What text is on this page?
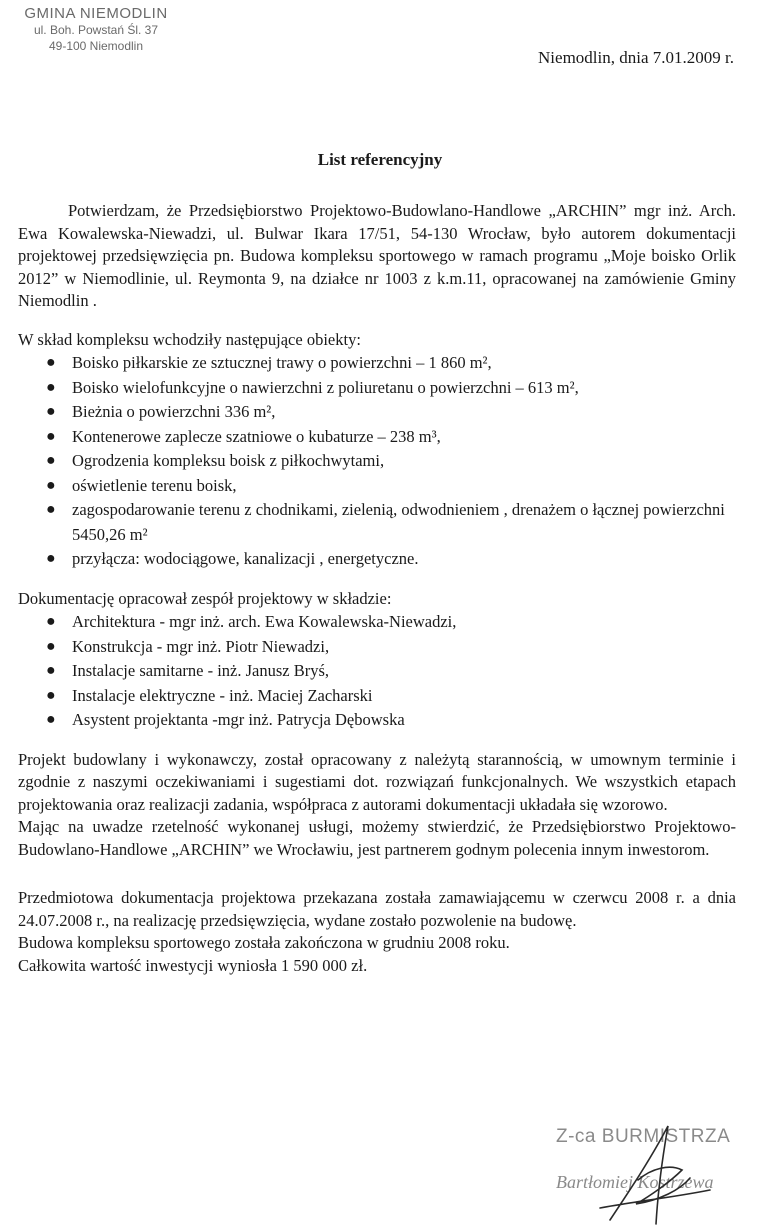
GMINA NIEMODLIN
ul. Boh. Powstań Śl. 37
49-100 Niemodlin
Niemodlin, dnia 7.01.2009 r.
List referencyjny

Potwierdzam, że Przedsiębiorstwo Projektowo-Budowlano-Handlowe „ARCHIN” mgr inż. Arch. Ewa Kowalewska-Niewadzi, ul. Bulwar Ikara 17/51, 54-130 Wrocław, było autorem dokumentacji projektowej przedsięwzięcia pn. Budowa kompleksu sportowego w ramach programu „Moje boisko Orlik 2012” w Niemodlinie, ul. Reymonta 9, na działce nr 1003 z k.m.11, opracowanej na zamówienie Gminy Niemodlin .

W skład kompleksu wchodziły następujące obiekty:

● Boisko piłkarskie ze sztucznej trawy o powierzchni – 1 860 m²,
● Boisko wielofunkcyjne o nawierzchni z poliuretanu o powierzchni – 613 m²,
● Bieżnia o powierzchni 336 m²,
● Kontenerowe zaplecze szatniowe o kubaturze – 238 m³,
● Ogrodzenia kompleksu boisk z piłkochwytami,
● oświetlenie terenu boisk,
● zagospodarowanie terenu z chodnikami, zielenią, odwodnieniem , drenażem o łącznej powierzchni 5450,26 m²
● przyłącza: wodociągowe, kanalizacji , energetyczne.

Dokumentację opracował zespół projektowy w składzie:

● Architektura - mgr inż. arch. Ewa Kowalewska-Niewadzi,
● Konstrukcja - mgr inż. Piotr Niewadzi,
● Instalacje samitarne - inż. Janusz Bryś,
● Instalacje elektryczne - inż. Maciej Zacharski
● Asystent projektanta -mgr inż. Patrycja Dębowska

Projekt budowlany i wykonawczy, został opracowany z należytą starannością, w umownym terminie i zgodnie z naszymi oczekiwaniami i sugestiami dot. rozwiązań funkcjonalnych. We wszystkich etapach projektowania oraz realizacji zadania, współpraca z autorami dokumentacji układała się wzorowo.

Mając na uwadze rzetelność wykonanej usługi, możemy stwierdzić, że Przedsiębiorstwo Projektowo-Budowlano-Handlowe „ARCHIN” we Wrocławiu, jest partnerem godnym polecenia innym inwestorom.

Przedmiotowa dokumentacja projektowa przekazana została zamawiającemu w czerwcu 2008 r. a dnia 24.07.2008 r., na realizację przedsięwzięcia, wydane zostało pozwolenie na budowę.

Budowa kompleksu sportowego została zakończona w grudniu 2008 roku.

Całkowita wartość inwestycji wyniosła 1 590 000 zł.

Z-ca BURMISTRZA
Bartłomiej Kostrzewa
